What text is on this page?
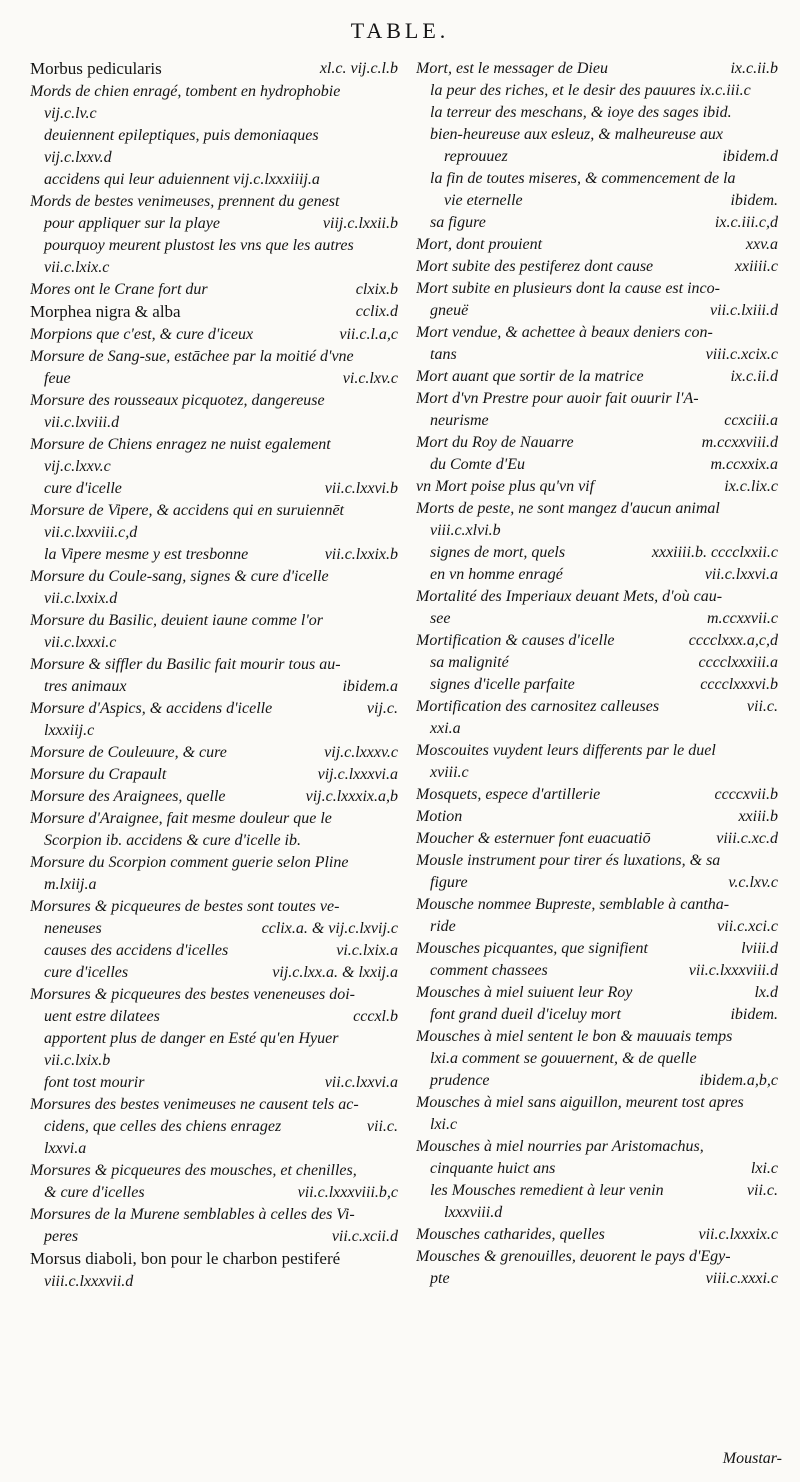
TABLE.
Morbus pedicularis	xl.c. vij.c.l.b
Mords de chien enragé, tombent en hydrophobie
vij.c.lv.c
deuiennent epileptiques, puis demoniaques
vij.c.lxxv.d
accidens qui leur aduiennent vij.c.lxxxiiij.a
Mords de bestes venimeuses, prennent du genest
pour appliquer sur la playe	viij.c.lxxii.b
pourquoy meurent plustost les vns que les autres
vii.c.lxix.c
Mores ont le Crane fort dur	clxix.b
Morphea nigra & alba	cclix.d
Morpions que c'est, & cure d'iceux	vii.c.l.a,c
Morsure de Sang-sue, estāchee par la moitié d'vne
feue	vi.c.lxv.c
Morsure des rousseaux picquotez, dangereuse
vii.c.lxviii.d
Morsure de Chiens enragez ne nuist egalement
vij.c.lxxv.c
cure d'icelle	vii.c.lxxvi.b
Morsure de Vipere, & accidens qui en suruiennēt
vii.c.lxxviii.c,d
la Vipere mesme y est tresbonne	vii.c.lxxix.b
Morsure du Coule-sang, signes & cure d'icelle
vii.c.lxxix.d
Morsure du Basilic, deuient iaune comme l'or
vii.c.lxxxi.c
Morsure & siffler du Basilic fait mourir tous au-
tres animaux	ibidem.a
Morsure d'Aspics, & accidens d'icelle	vij.c.
lxxxiij.c
Morsure de Couleuure, & cure	vij.c.lxxxv.c
Morsure du Crapault	vij.c.lxxxvi.a
Morsure des Araignees, quelle	vij.c.lxxxix.a,b
Morsure d'Araignee, fait mesme douleur que le
Scorpion ib. accidens & cure d'icelle ib.
Morsure du Scorpion comment guerie selon Pline
m.lxiij.a
Morsures & picqueures de bestes sont toutes ve-
neneuses	cclix.a. & vij.c.lxvij.c
causes des accidens d'icelles	vi.c.lxix.a
cure d'icelles	vij.c.lxx.a. & lxxij.a
Morsures & picqueures des bestes veneneuses doi-
uent estre dilatees	cccxl.b
apportent plus de danger en Esté qu'en Hyuer
vii.c.lxix.b
font tost mourir	vii.c.lxxvi.a
Morsures des bestes venimeuses ne causent tels ac-
cidens, que celles des chiens enragez	vii.c.
lxxvi.a
Morsures & picqueures des mousches, et chenilles,
& cure d'icelles	vii.c.lxxxviii.b,c
Morsures de la Murene semblables à celles des Vi-
peres	vii.c.xcii.d
Morsus diaboli, bon pour le charbon pestiferé
viii.c.lxxxvii.d
Mort, est le messager de Dieu	ix.c.ii.b
la peur des riches, et le desir des pauures ix.c.iii.c
la terreur des meschans, & ioye des sages ibid.
bien-heureuse aux esleuz, & malheureuse aux
reprouuez	ibidem.d
la fin de toutes miseres, & commencement de la
vie eternelle	ibidem.
sa figure	ix.c.iii.c,d
Mort, dont prouient	xxv.a
Mort subite des pestiferez dont cause	xxiiii.c
Mort subite en plusieurs dont la cause est inco-
gneuë	vii.c.lxiii.d
Mort vendue, & achettee à beaux deniers con-
tans	viii.c.xcix.c
Mort auant que sortir de la matrice	ix.c.ii.d
Mort d'vn Prestre pour auoir fait ouurir l'A-
neurisme	ccxciii.a
Mort du Roy de Nauarre	m.ccxxviii.d
du Comte d'Eu	m.ccxxix.a
vn Mort poise plus qu'vn vif	ix.c.lix.c
Morts de peste, ne sont mangez d'aucun animal
viii.c.xlvi.b
signes de mort, quels	xxxiiii.b. cccclxxii.c
en vn homme enragé	vii.c.lxxvi.a
Mortalité des Imperiaux deuant Mets, d'où cau-
see	m.ccxxvii.c
Mortification & causes d'icelle	cccclxxx.a,c,d
sa malignité	cccclxxxiii.a
signes d'icelle parfaite	cccclxxxvi.b
Mortification des carnositez calleuses	vii.c.
xxi.a
Moscouites vuydent leurs differents par le duel
xviii.c
Mosquets, espece d'artillerie	ccccxvii.b
Motion	xxiii.b
Moucher & esternuer font euacuatiō	viii.c.xc.d
Mousle instrument pour tirer és luxations, & sa
figure	v.c.lxv.c
Mousche nommee Bupreste, semblable à cantha-
ride	vii.c.xci.c
Mousches picquantes, que signifient	lviii.d
comment chassees	vii.c.lxxxviii.d
Mousches à miel suiuent leur Roy	lx.d
font grand dueil d'iceluy mort	ibidem.
Mousches à miel sentent le bon & mauuais temps
lxi.a comment se gouuernent, & de quelle
prudence	ibidem.a,b,c
Mousches à miel sans aiguillon, meurent tost apres
lxi.c
Mousches à miel nourries par Aristomachus,
cinquante huict ans	lxi.c
les Mousches remedient à leur venin	vii.c.
lxxxviii.d
Mousches catharides, quelles	vii.c.lxxxix.c
Mousches & grenouilles, deuorent le pays d'Egy-
pte	viii.c.xxxi.c
Moustar-
